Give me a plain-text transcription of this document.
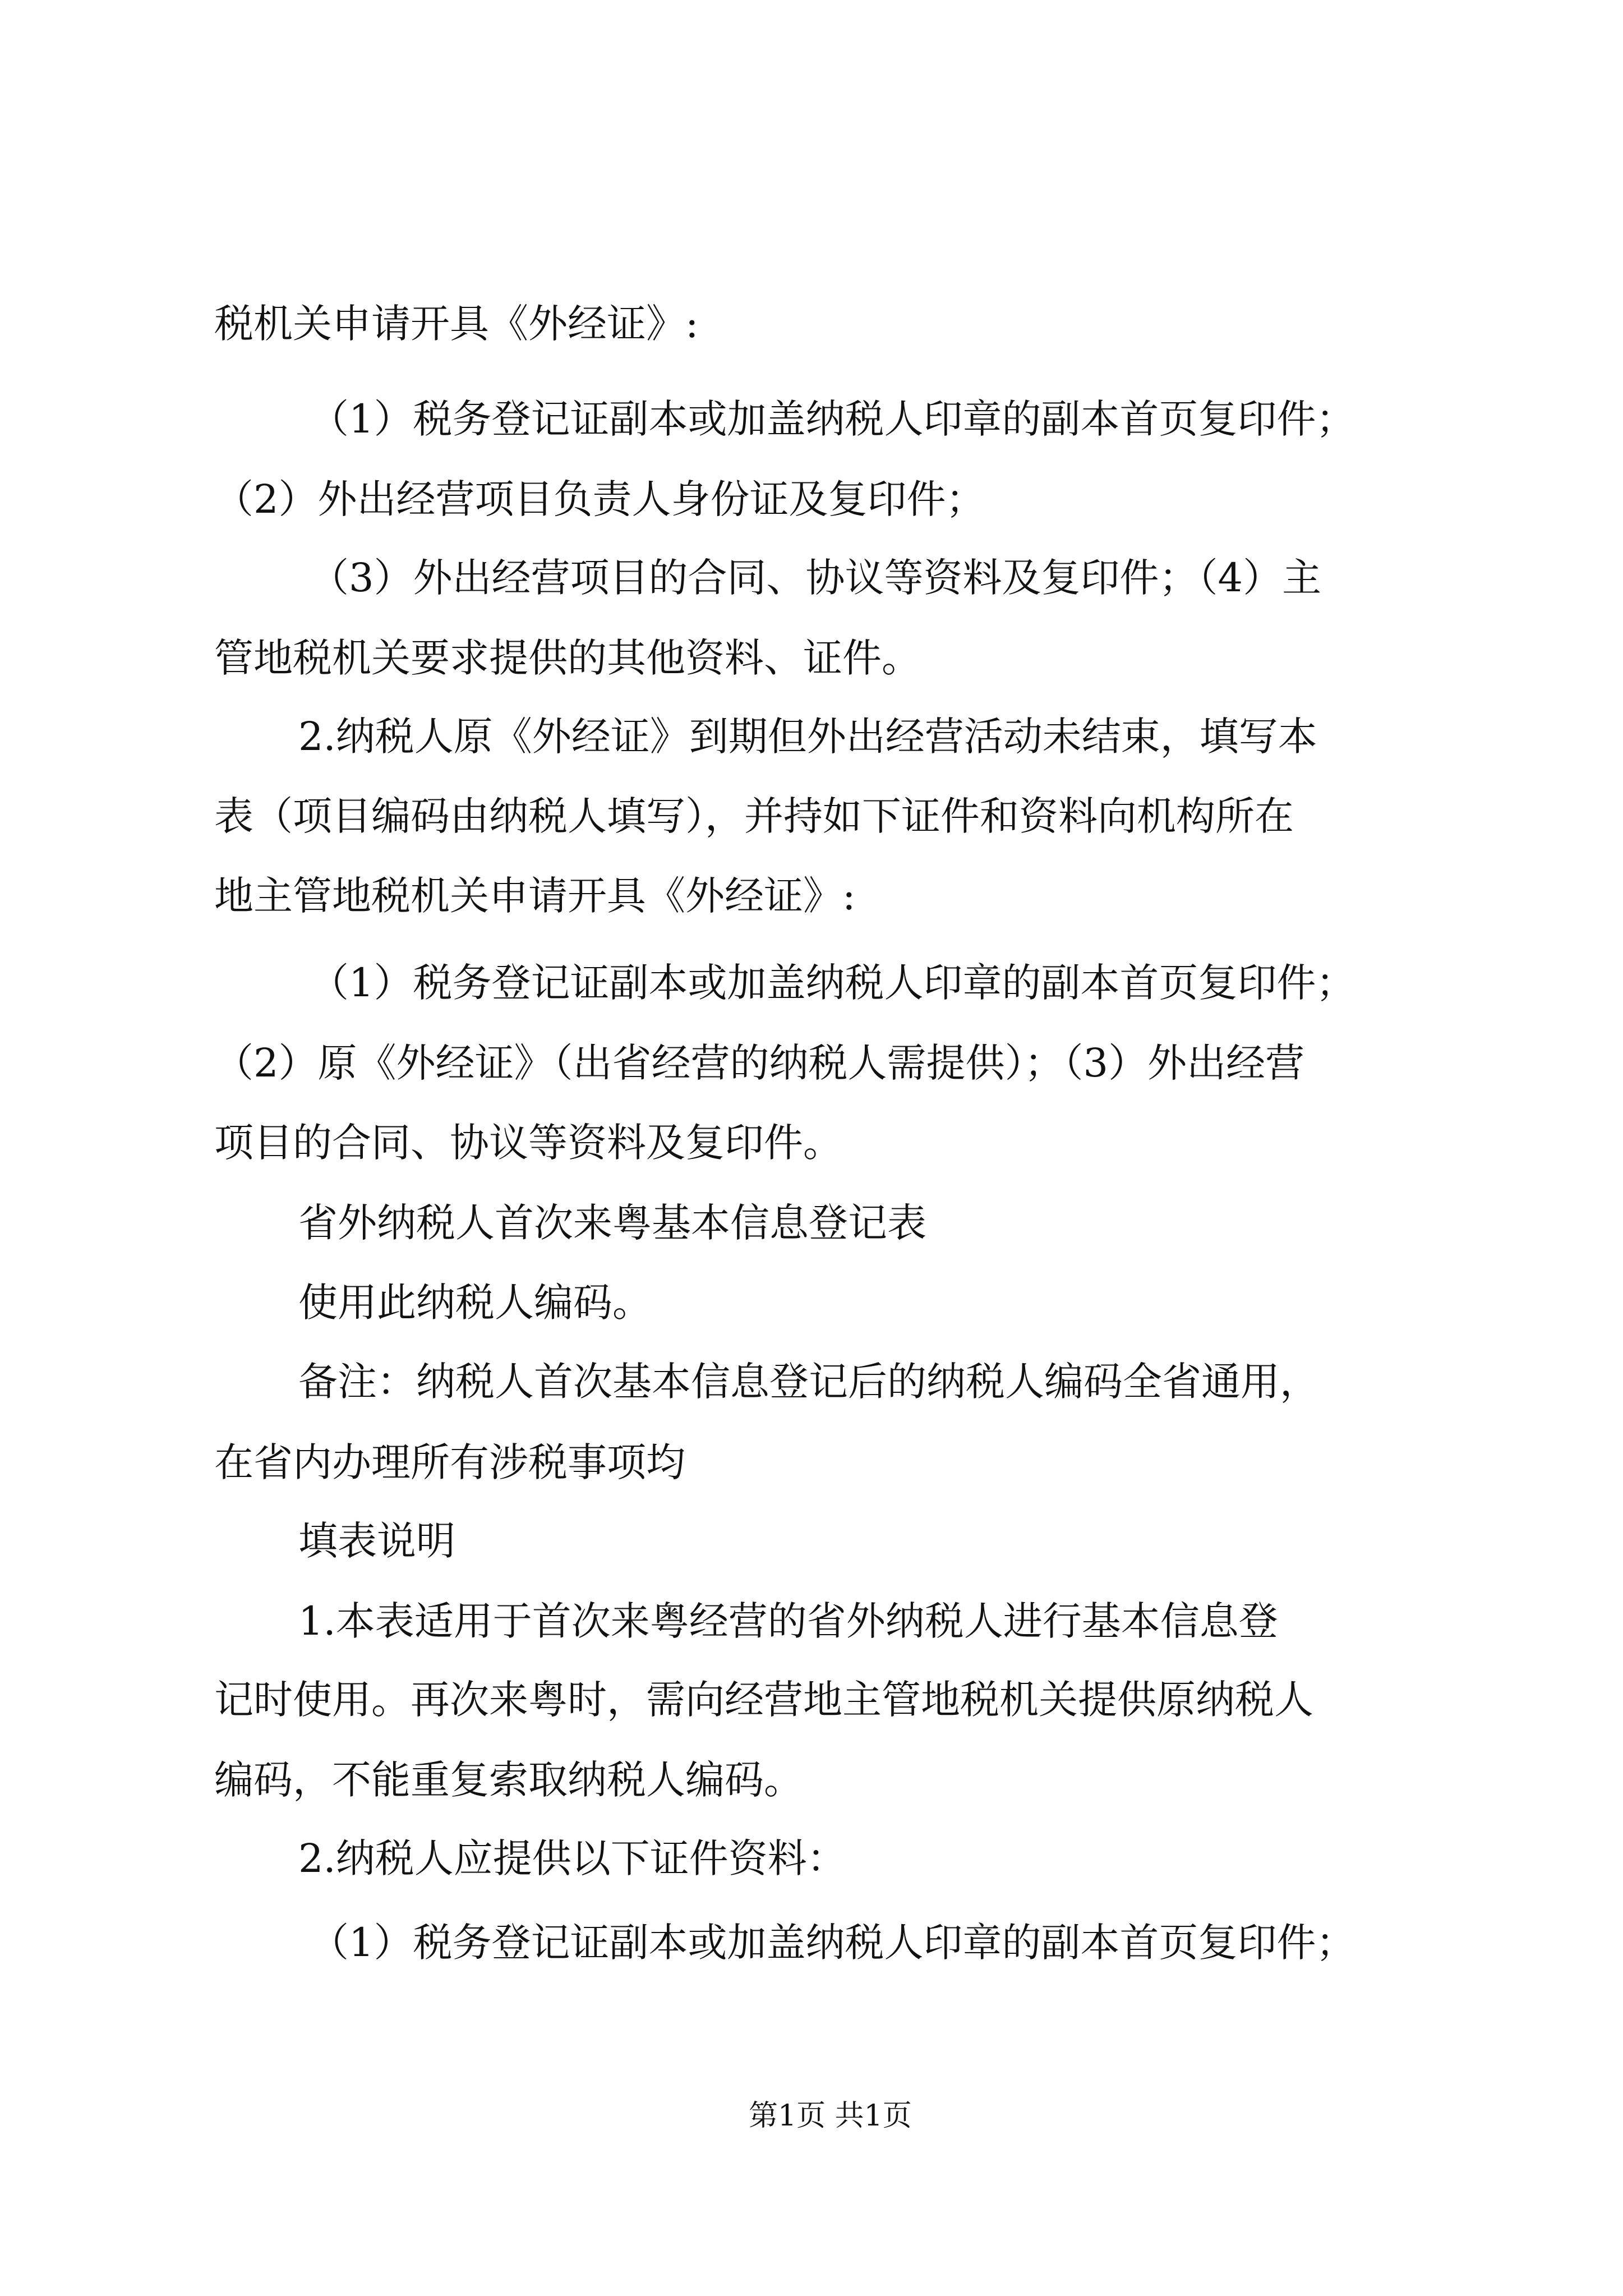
税机关申请开具《外经证》:
（1）税务登记证副本或加盖纳税人印章的副本首页复印件；
（2）外出经营项目负责人身份证及复印件；
（3）外出经营项目的合同、协议等资料及复印件；（4）主
管地税机关要求提供的其他资料、证件。
2.纳税人原《外经证》到期但外出经营活动未结束，填写本
表（项目编码由纳税人填写），并持如下证件和资料向机构所在
地主管地税机关申请开具《外经证》:
（1）税务登记证副本或加盖纳税人印章的副本首页复印件；
（2）原《外经证》（出省经营的纳税人需提供）；（3）外出经营
项目的合同、协议等资料及复印件。
省外纳税人首次来粤基本信息登记表
使用此纳税人编码。
备注：纳税人首次基本信息登记后的纳税人编码全省通用，
在省内办理所有涉税事项均
填表说明
1.本表适用于首次来粤经营的省外纳税人进行基本信息登
记时使用。再次来粤时，需向经营地主管地税机关提供原纳税人
编码，不能重复索取纳税人编码。
2.纳税人应提供以下证件资料：
（1）税务登记证副本或加盖纳税人印章的副本首页复印件；
第1页 共1页
